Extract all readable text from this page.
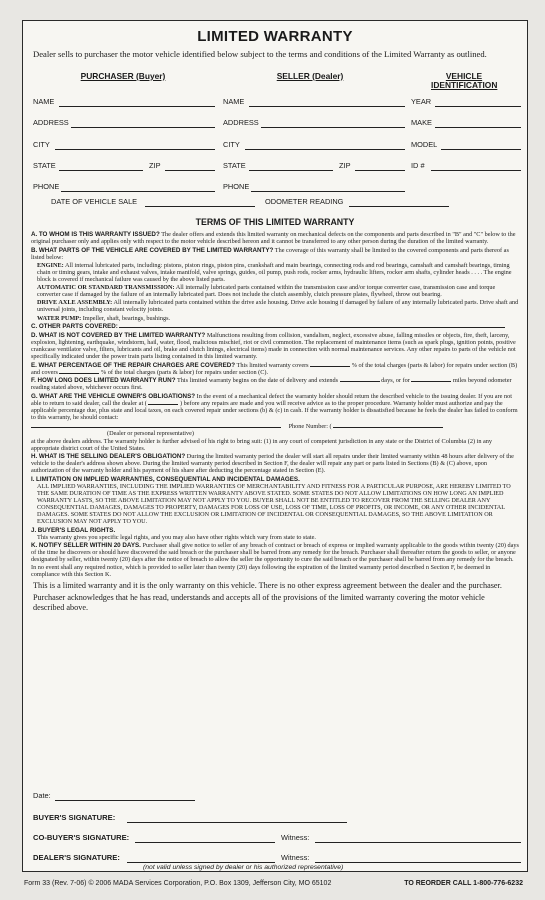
LIMITED WARRANTY
Dealer sells to purchaser the motor vehicle identified below subject to the terms and conditions of the Limited Warranty as outlined.
PURCHASER (Buyer)	SELLER (Dealer)	VEHICLE IDENTIFICATION
NAME	NAME	YEAR
ADDRESS	ADDRESS	MAKE
CITY	CITY	MODEL
STATE	ZIP	STATE	ZIP	ID #
PHONE	PHONE
DATE OF VEHICLE SALE	ODOMETER READING
TERMS OF THIS LIMITED WARRANTY
A. TO WHOM IS THIS WARRANTY ISSUED? The dealer offers and extends this limited warranty on mechanical defects on the components and parts described in "B" and "C" below to the original purchaser only and applies only with respect to the motor vehicle described hereon and it cannot be transferred to any other person during the duration of the limited warranty.
B. WHAT PARTS OF THE VEHICLE ARE COVERED BY THE LIMITED WARRANTY? The coverage of this warranty shall be limited to the covered components and parts thereof as listed below:
ENGINE: All internal lubricated parts, including: pistons, piston rings, piston pins, crankshaft and main bearings, connecting rods and rod bearings, camshaft and camshaft bearings, timing chain or timing gears, intake and exhaust valves, intake manifold, valve springs, guides, oil pump, push rods, rocker arms, hydraulic lifters, rocker arm shafts, cylinder heads . . . . The engine block is covered if mechanical failure was caused by the above listed parts.
AUTOMATIC OR STANDARD TRANSMISSION: All internally lubricated parts contained within the transmission case and/or torque converter case, transmission case and torque converter case if damaged by the failure of an internally lubricated part. Does not include the clutch assembly, clutch pressure plates, flywheel, throw out bearing.
DRIVE AXLE ASSEMBLY: All internally lubricated parts contained within the drive axle housing. Drive axle housing if damaged by failure of any internally lubricated parts. Drive shaft and universal joints, including constant velocity joints.
WATER PUMP: Impeller, shaft, bearings, bushings.
C. OTHER PARTS COVERED:
D. WHAT IS NOT COVERED BY THE LIMITED WARRANTY? Malfunctions resulting from collision, vandalism, neglect, excessive abuse, falling missiles or objects, fire, theft, larceny, explosion, lightening, earthquake, windstorm, hail, water, flood, malicious mischief, riot or civil commotion. The replacement of maintenance items (such as spark plugs, ignition points, positive crankcase ventilator valve, filters, lubricants and oil, brake and clutch linings, electrical items) made in connection with normal maintenance services. Any other repairs to parts of the vehicle not specifically indicated under the power train parts listing contained in this limited warranty.
E. WHAT PERCENTAGE OF THE REPAIR CHARGES ARE COVERED? This limited warranty covers	% of the total charges (parts & labor) for repairs under section (B) and covers	% of the total charges (parts & labor) for repairs under section (C).
F. HOW LONG DOES LIMITED WARRANTY RUN? This limited warranty begins on the date of delivery and extends	days, or for	miles beyond odometer reading stated above, whichever occurs first.
G. WHAT ARE THE VEHICLE OWNER'S OBLIGATIONS? In the event of a mechanical defect the warranty holder should return the described vehicle to the issuing dealer. If you are not able to return to said dealer, call the dealer at (	) before any repairs are made and you will receive advice as to the proper procedure. Warranty holder must authorize and pay the applicable percentage due, plus state and local taxes, on each covered repair under sections (b) & (c) in cash. If the warranty holder is dissatisfied because he feels the dealer has failed to conform to this warranty, he should contact:
Phone Number: (
(Dealer or personal representative)
at the above dealers address. The warranty holder is further advised of his right to bring suit: (1) in any court of competent jurisdiction in any state or the District of Columbia (2) in any appropriate district court of the United States.
H. WHAT IS THE SELLING DEALER'S OBLIGATION? During the limited warranty period the dealer will start all repairs under their limited warranty within 48 hours after delivery of the vehicle to the dealer's address shown above. During the limited warranty period described in Section F, the dealer will repair any part or parts listed in Sections (B) & (C) above, upon authorization of the warranty holder and his payment of his share after deducting the percentage stated in Section (E).
I. LIMITATION ON IMPLIED WARRANTIES, CONSEQUENTIAL AND INCIDENTAL DAMAGES.
ALL IMPLIED WARRANTIES, INCLUDING THE IMPLIED WARRANTIES OF MERCHANTABILITY AND FITNESS FOR A PARTICULAR PURPOSE, ARE HEREBY LIMITED TO THE SAME DURATION OF TIME AS THE EXPRESS WRITTEN WARRANTY ABOVE STATED. SOME STATES DO NOT ALLOW LIMITATIONS ON HOW LONG AN IMPLIED WARRANTY LASTS, SO THE ABOVE LIMITATION MAY NOT APPLY TO YOU. BUYER SHALL NOT BE ENTITLED TO RECOVER FROM THE SELLING DEALER ANY CONSEQUENTIAL DAMAGES, DAMAGES TO PROPERTY, DAMAGES FOR LOSS OF USE, LOSS OF TIME, LOSS OF PROFITS, OR INCOME, OR ANY OTHER INCIDENTAL DAMAGES. SOME STATES DO NOT ALLOW THE EXCLUSION OR LIMITATION OF INCIDENTAL OR CONSEQUENTIAL DAMAGES, SO THE ABOVE LIMITATION OR EXCLUSION MAY NOT APPLY TO YOU.
J. BUYER'S LEGAL RIGHTS.
This warranty gives you specific legal rights, and you may also have other rights which vary from state to state.
K. NOTIFY SELLER WITHIN 20 DAYS. Purchaser shall give notice to seller of any breach of contract or breach of express or implied warranty applicable to the goods within twenty (20) days of the time he discovers or should have discovered the said breach or the purchaser shall be barred from any remedy for the breach. Purchaser shall thereafter return the goods to seller, or anyone designated by seller, within twenty (20) days after the notice of breach to allow the seller the opportunity to cure the said breach or the purchaser shall be barred from any remedy for the breach. In no event shall any required notice, which is provided to seller later than twenty (20) days following the expiration of the limited warranty period described n Section F, be deemed in compliance with this Section K.
This is a limited warranty and it is the only warranty on this vehicle. There is no other express agreement between the dealer and the purchaser.
Purchaser acknowledges that he has read, understands and accepts all of the provisions of the limited warranty covering the motor vehicle described above.
Date:
BUYER'S SIGNATURE:
CO-BUYER'S SIGNATURE:	Witness:
DEALER'S SIGNATURE:	Witness:
(not valid unless signed by dealer or his authorized representative)
Form 33 (Rev. 7-06) © 2006 MADA Services Corporation, P.O. Box 1309, Jefferson City, MO 65102	TO REORDER CALL 1-800-776-6232
